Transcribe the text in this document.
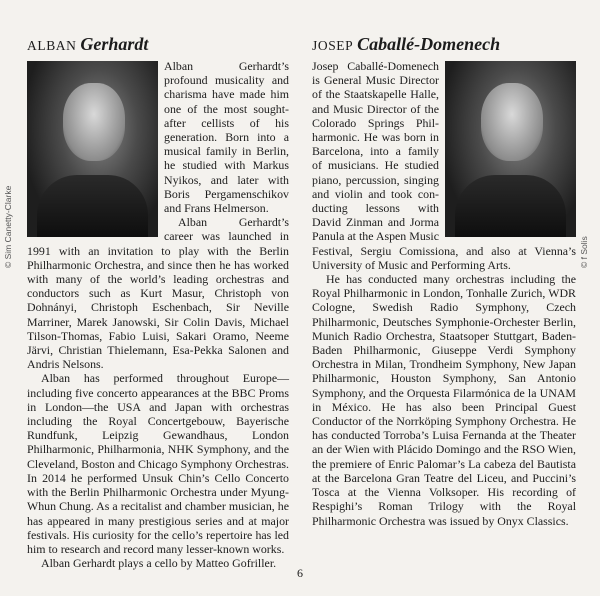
ALBAN Gerhardt

Alban Gerhardt’s profound musicality and charisma have made him one of the most sought-after cellists of his generation. Born into a musical family in Berlin, he studied with Markus Nyikos, and later with Boris Pergamenschikov and Frans Helmerson.

Alban Gerhardt’s career was launched in 1991 with an invitation to play with the Berlin Philharmonic Orchestra, and since then he has worked with many of the world’s leading orchestras and conductors such as Kurt Masur, Christoph von Dohnányi, Christoph Eschenbach, Sir Neville Marriner, Marek Janowski, Sir Colin Davis, Michael Tilson-Thomas, Fabio Luisi, Sakari Oramo, Neeme Järvi, Christian Thielemann, Esa-Pekka Salonen and Andris Nelsons.

Alban has performed throughout Europe—including five concerto appearances at the BBC Proms in London—the USA and Japan with orchestras including the Royal Concertgebouw, Bayerische Rundfunk, Leipzig Gewandhaus, London Philharmonic, Philharmonia, NHK Symphony, and the Cleveland, Boston and Chicago Symphony Orchestras. In 2014 he performed Unsuk Chin’s Cello Concerto with the Berlin Philharmonic Orchestra under Myung-Whun Chung. As a recitalist and chamber musician, he has appeared in many prestigious series and at major festivals. His curiosity for the cello’s repertoire has led him to research and record many lesser-known works.

Alban Gerhardt plays a cello by Matteo Gofriller.

© Sim Canetty-Clarke
JOSEP Caballé-Domenech

Josep Caballé-Domenech is General Music Director of the Staatskapelle Halle, and Music Director of the Colorado Springs Philharmonic. He was born in Barcelona, into a family of musicians. He studied piano, percussion, singing and violin and took conducting lessons with David Zinman and Jorma Panula at the Aspen Music Festival, Sergiu Comissiona, and also at Vienna’s University of Music and Performing Arts.

He has conducted many orchestras including the Royal Philharmonic in London, Tonhalle Zurich, WDR Cologne, Swedish Radio Symphony, Czech Philharmonic, Deutsches Symphonie-Orchester Berlin, Munich Radio Orchestra, Staatsoper Stuttgart, Baden-Baden Philharmonic, Giuseppe Verdi Symphony Orchestra in Milan, Trondheim Symphony, New Japan Philharmonic, Houston Symphony, San Antonio Symphony, and the Orquesta Filarmónica de la UNAM in México. He has also been Principal Guest Conductor of the Norrköping Symphony Orchestra. He has conducted Torroba’s Luisa Fernanda at the Theater an der Wien with Plácido Domingo and the RSO Wien, the premiere of Enric Palomar’s La cabeza del Bautista at the Barcelona Gran Teatre del Liceu, and Puccini’s Tosca at the Vienna Volksoper. His recording of Respighi’s Roman Trilogy with the Royal Philharmonic Orchestra was issued by Onyx Classics.

© f Solis
6
